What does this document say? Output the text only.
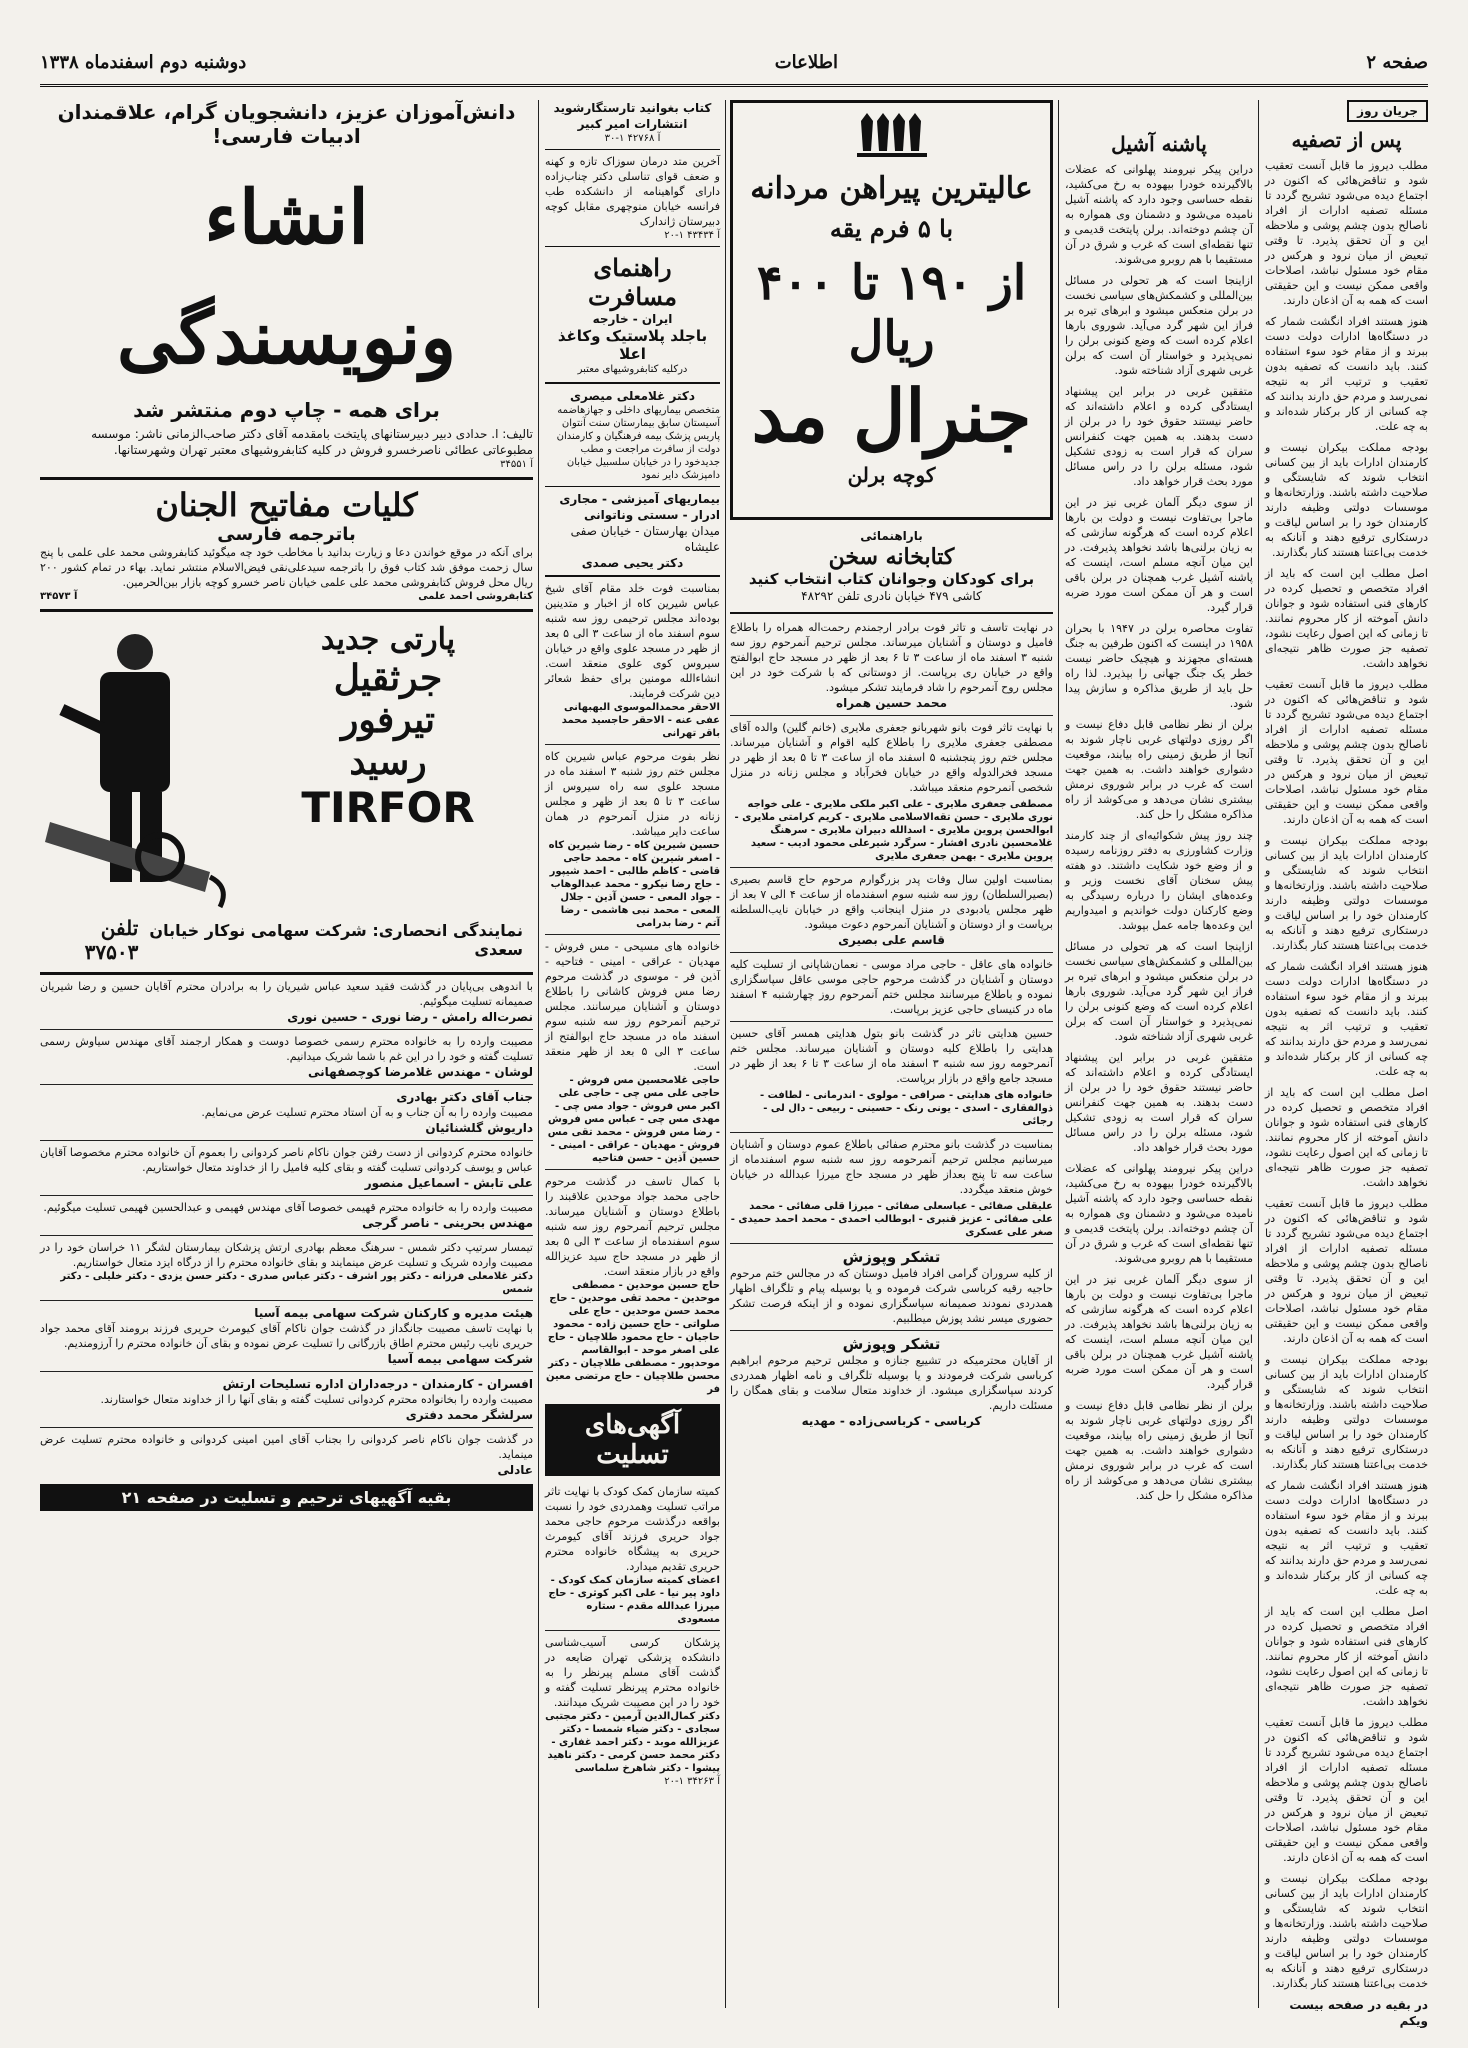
صفحه ۲
اطلاعات
دوشنبه دوم اسفندماه ۱۳۳۸
جریان روز
پس از تصفیه
مطلب دیروز ما قابل آنست تعقیب شود و تناقض‌هائی که اکنون در اجتماع دیده می‌شود تشریح گردد تا مسئله تصفیه ادارات از افراد ناصالح بدون چشم پوشی و ملاحظه این و آن تحقق پذیرد. تا وقتی تبعیض از میان نرود و هرکس در مقام خود مسئول نباشد، اصلاحات واقعی ممکن نیست و این حقیقتی است که همه به آن اذعان دارند.
هنوز هستند افراد انگشت شمار که در دستگاه‌ها ادارات دولت دست ببرند و از مقام خود سوء استفاده کنند. باید دانست که تصفیه بدون تعقیب و ترتیب اثر به نتیجه نمی‌رسد و مردم حق دارند بدانند که چه کسانی از کار برکنار شده‌اند و به چه علت.
بودجه مملکت بیکران نیست و کارمندان ادارات باید از بین کسانی انتخاب شوند که شایستگی و صلاحیت داشته باشند. وزارتخانه‌ها و موسسات دولتی وظیفه دارند کارمندان خود را بر اساس لیاقت و درستکاری ترفیع دهند و آنانکه به خدمت بی‌اعتنا هستند کنار بگذارند.
اصل مطلب این است که باید از افراد متخصص و تحصیل کرده در کارهای فنی استفاده شود و جوانان دانش آموخته از کار محروم نمانند. تا زمانی که این اصول رعایت نشود، تصفیه جز صورت ظاهر نتیجه‌ای نخواهد داشت.
مطلب دیروز ما قابل آنست تعقیب شود و تناقض‌هائی که اکنون در اجتماع دیده می‌شود تشریح گردد تا مسئله تصفیه ادارات از افراد ناصالح بدون چشم پوشی و ملاحظه این و آن تحقق پذیرد. تا وقتی تبعیض از میان نرود و هرکس در مقام خود مسئول نباشد، اصلاحات واقعی ممکن نیست و این حقیقتی است که همه به آن اذعان دارند.
بودجه مملکت بیکران نیست و کارمندان ادارات باید از بین کسانی انتخاب شوند که شایستگی و صلاحیت داشته باشند. وزارتخانه‌ها و موسسات دولتی وظیفه دارند کارمندان خود را بر اساس لیاقت و درستکاری ترفیع دهند و آنانکه به خدمت بی‌اعتنا هستند کنار بگذارند.
هنوز هستند افراد انگشت شمار که در دستگاه‌ها ادارات دولت دست ببرند و از مقام خود سوء استفاده کنند. باید دانست که تصفیه بدون تعقیب و ترتیب اثر به نتیجه نمی‌رسد و مردم حق دارند بدانند که چه کسانی از کار برکنار شده‌اند و به چه علت.
اصل مطلب این است که باید از افراد متخصص و تحصیل کرده در کارهای فنی استفاده شود و جوانان دانش آموخته از کار محروم نمانند. تا زمانی که این اصول رعایت نشود، تصفیه جز صورت ظاهر نتیجه‌ای نخواهد داشت.
مطلب دیروز ما قابل آنست تعقیب شود و تناقض‌هائی که اکنون در اجتماع دیده می‌شود تشریح گردد تا مسئله تصفیه ادارات از افراد ناصالح بدون چشم پوشی و ملاحظه این و آن تحقق پذیرد. تا وقتی تبعیض از میان نرود و هرکس در مقام خود مسئول نباشد، اصلاحات واقعی ممکن نیست و این حقیقتی است که همه به آن اذعان دارند.
بودجه مملکت بیکران نیست و کارمندان ادارات باید از بین کسانی انتخاب شوند که شایستگی و صلاحیت داشته باشند. وزارتخانه‌ها و موسسات دولتی وظیفه دارند کارمندان خود را بر اساس لیاقت و درستکاری ترفیع دهند و آنانکه به خدمت بی‌اعتنا هستند کنار بگذارند.
هنوز هستند افراد انگشت شمار که در دستگاه‌ها ادارات دولت دست ببرند و از مقام خود سوء استفاده کنند. باید دانست که تصفیه بدون تعقیب و ترتیب اثر به نتیجه نمی‌رسد و مردم حق دارند بدانند که چه کسانی از کار برکنار شده‌اند و به چه علت.
اصل مطلب این است که باید از افراد متخصص و تحصیل کرده در کارهای فنی استفاده شود و جوانان دانش آموخته از کار محروم نمانند. تا زمانی که این اصول رعایت نشود، تصفیه جز صورت ظاهر نتیجه‌ای نخواهد داشت.
مطلب دیروز ما قابل آنست تعقیب شود و تناقض‌هائی که اکنون در اجتماع دیده می‌شود تشریح گردد تا مسئله تصفیه ادارات از افراد ناصالح بدون چشم پوشی و ملاحظه این و آن تحقق پذیرد. تا وقتی تبعیض از میان نرود و هرکس در مقام خود مسئول نباشد، اصلاحات واقعی ممکن نیست و این حقیقتی است که همه به آن اذعان دارند.
بودجه مملکت بیکران نیست و کارمندان ادارات باید از بین کسانی انتخاب شوند که شایستگی و صلاحیت داشته باشند. وزارتخانه‌ها و موسسات دولتی وظیفه دارند کارمندان خود را بر اساس لیاقت و درستکاری ترفیع دهند و آنانکه به خدمت بی‌اعتنا هستند کنار بگذارند.
در بقیه در صفحه بیست ویکم
پاشنه آشیل
دراین پیکر نیرومند پهلوانی که عضلات بالاگیرنده خودرا بیهوده به رخ می‌کشید، نقطه حساسی وجود دارد که پاشنه آشیل نامیده می‌شود و دشمنان وی همواره به آن چشم دوخته‌اند. برلن پایتخت قدیمی و تنها نقطه‌ای است که غرب و شرق در آن مستقیما با هم روبرو می‌شوند.
ازاینجا است که هر تحولی در مسائل بین‌المللی و کشمکش‌های سیاسی نخست در برلن منعکس میشود و ابرهای تیره بر فراز این شهر گرد می‌آید. شوروی بارها اعلام کرده است که وضع کنونی برلن را نمی‌پذیرد و خواستار آن است که برلن غربی شهری آزاد شناخته شود.
متفقین غربی در برابر این پیشنهاد ایستادگی کرده و اعلام داشته‌اند که حاضر نیستند حقوق خود را در برلن از دست بدهند. به همین جهت کنفرانس سران که قرار است به زودی تشکیل شود، مسئله برلن را در راس مسائل مورد بحث قرار خواهد داد.
از سوی دیگر آلمان غربی نیز در این ماجرا بی‌تفاوت نیست و دولت بن بارها اعلام کرده است که هرگونه سازشی که به زیان برلنی‌ها باشد نخواهد پذیرفت. در این میان آنچه مسلم است، اینست که پاشنه آشیل غرب همچنان در برلن باقی است و هر آن ممکن است مورد ضربه قرار گیرد.
تفاوت محاصره برلن در ۱۹۴۷ با بحران ۱۹۵۸ در اینست که اکنون طرفین به جنگ هسته‌ای مجهزند و هیچیک حاضر نیست خطر یک جنگ جهانی را بپذیرد. لذا راه حل باید از طریق مذاکره و سازش پیدا شود.
برلن از نظر نظامی قابل دفاع نیست و اگر روزی دولتهای غربی ناچار شوند به آنجا از طریق زمینی راه بیابند، موقعیت دشواری خواهند داشت. به همین جهت است که غرب در برابر شوروی نرمش بیشتری نشان می‌دهد و می‌کوشد از راه مذاکره مشکل را حل کند.
چند روز پیش شکوائیه‌ای از چند کارمند وزارت کشاورزی به دفتر روزنامه رسیده و از وضع خود شکایت داشتند. دو هفته پیش سخنان آقای نخست وزیر و وعده‌های ایشان را درباره رسیدگی به وضع کارکنان دولت خواندیم و امیدواریم این وعده‌ها جامه عمل بپوشد.
ازاینجا است که هر تحولی در مسائل بین‌المللی و کشمکش‌های سیاسی نخست در برلن منعکس میشود و ابرهای تیره بر فراز این شهر گرد می‌آید. شوروی بارها اعلام کرده است که وضع کنونی برلن را نمی‌پذیرد و خواستار آن است که برلن غربی شهری آزاد شناخته شود.
متفقین غربی در برابر این پیشنهاد ایستادگی کرده و اعلام داشته‌اند که حاضر نیستند حقوق خود را در برلن از دست بدهند. به همین جهت کنفرانس سران که قرار است به زودی تشکیل شود، مسئله برلن را در راس مسائل مورد بحث قرار خواهد داد.
دراین پیکر نیرومند پهلوانی که عضلات بالاگیرنده خودرا بیهوده به رخ می‌کشید، نقطه حساسی وجود دارد که پاشنه آشیل نامیده می‌شود و دشمنان وی همواره به آن چشم دوخته‌اند. برلن پایتخت قدیمی و تنها نقطه‌ای است که غرب و شرق در آن مستقیما با هم روبرو می‌شوند.
از سوی دیگر آلمان غربی نیز در این ماجرا بی‌تفاوت نیست و دولت بن بارها اعلام کرده است که هرگونه سازشی که به زیان برلنی‌ها باشد نخواهد پذیرفت. در این میان آنچه مسلم است، اینست که پاشنه آشیل غرب همچنان در برلن باقی است و هر آن ممکن است مورد ضربه قرار گیرد.
برلن از نظر نظامی قابل دفاع نیست و اگر روزی دولتهای غربی ناچار شوند به آنجا از طریق زمینی راه بیابند، موقعیت دشواری خواهند داشت. به همین جهت است که غرب در برابر شوروی نرمش بیشتری نشان می‌دهد و می‌کوشد از راه مذاکره مشکل را حل کند.
عالیترین پیراهن مردانه
با ۵ فرم یقه
از ۱۹۰ تا ۴۰۰ ریال
جنرال مد
کوچه برلن
باراهنمائی
کتابخانه سخن
برای کودکان وجوانان کتاب انتخاب کنید
کاشی ۴۷۹ خیابان نادری تلفن ۴۸۲۹۲
در نهایت تاسف و تاثر فوت برادر ارجمندم رحمت‌اله همراه را باطلاع فامیل و دوستان و آشنایان میرساند. مجلس ترحیم آنمرحوم روز سه شنبه ۳ اسفند ماه از ساعت ۳ تا ۶ بعد از ظهر در مسجد حاج ابوالفتح واقع در خیابان ری برپاست. از دوستانی که با شرکت خود در این مجلس روح آنمرحوم را شاد فرمایند تشکر میشود.
محمد حسین همراه
با نهایت تاثر فوت بانو شهربانو جعفری ملایری (خانم گلین) والده آقای مصطفی جعفری ملایری را باطلاع کلیه اقوام و آشنایان میرساند. مجلس ختم روز پنجشنبه ۵ اسفند ماه از ساعت ۳ تا ۵ بعد از ظهر در مسجد فخرالدوله واقع در خیابان فخرآباد و مجلس زنانه در منزل شخصی آنمرحوم منعقد میباشد.
مصطفی جعفری ملایری - علی اکبر ملکی ملایری - علی خواجه نوری ملایری - حسن تقه‌الاسلامی ملایری - کریم کرامتی ملایری - ابوالحسن پروین ملایری - اسدالله دبیران ملایری - سرهنگ غلامحسین نادری افشار - سرگرد شیرعلی محمود ادیب - سعید پروین ملایری - بهمن جعفری ملایری
بمناسبت اولین سال وفات پدر بزرگوارم مرحوم حاج قاسم بصیری (بصیرالسلطان) روز سه شنبه سوم اسفندماه از ساعت ۴ الی ۷ بعد از ظهر مجلس یادبودی در منزل اینجانب واقع در خیابان نایب‌السلطنه برپاست و از دوستان و آشنایان آنمرحوم دعوت میشود.
قاسم علی بصیری
خانواده های عاقل - حاجی مراد موسی - نعمان‌شاپانی از تسلیت کلیه دوستان و آشنایان در گذشت مرحوم حاجی موسی عاقل سپاسگزاری نموده و باطلاع میرسانند مجلس ختم آنمرحوم روز چهارشنبه ۴ اسفند ماه در کنیسای حاجی عزیز برپاست.
حسین هدایتی تاثر در گذشت بانو بتول هدایتی همسر آقای حسین هدایتی را باطلاع کلیه دوستان و آشنایان میرساند. مجلس ختم آنمرحومه روز سه شنبه ۳ اسفند ماه از ساعت ۳ تا ۶ بعد از ظهر در مسجد جامع واقع در بازار برپاست.
خانواده های هدایتی - صرافی - مولوی - اندرمانی - لطافت - ذوالفقاری - اسدی - یونی رنک - حسینی - ربیعی - دال لی - رجائی
بمناسبت در گذشت بانو محترم صفائی باطلاع عموم دوستان و آشنایان میرسانیم مجلس ترحیم آنمرحومه روز سه شنبه سوم اسفندماه از ساعت سه تا پنج بعداز ظهر در مسجد حاج میرزا عبدالله در خیابان خوش منعقد میگردد.
علیقلی صفائی - عباسعلی صفائی - میرزا قلی صفائی - محمد علی صفائی - عزیز قنبری - ابوطالب احمدی - محمد احمد حمیدی - صغر علی عسکری
تشکر وپوزش
از کلیه سروران گرامی افراد فامیل دوستان که در مجالس ختم مرحوم حاجیه رقیه کرباسی شرکت فرموده و یا بوسیله پیام و تلگراف اظهار همدردی نمودند صمیمانه سپاسگزاری نموده و از اینکه فرصت تشکر حضوری میسر نشد پوزش میطلبیم.
تشکر وپوزش
از آقایان محترمیکه در تشییع جنازه و مجلس ترحیم مرحوم ابراهیم کرباسی شرکت فرمودند و یا بوسیله تلگراف و نامه اظهار همدردی کردند سپاسگزاری میشود. از خداوند متعال سلامت و بقای همگان را مسئلت داریم.
کرباسی - کرباسی‌زاده - مهدیه
کتاب بغوانید تارستگارشوید
انتشارات امیر کبیر
آ ۴۲۷۶۸ ۱-۳۰
آخرین متد درمان سوزاک تازه و کهنه و ضعف قوای تناسلی دکتر چناب‌زاده دارای گواهینامه از دانشکده طب فرانسه خیابان منوچهری مقابل کوچه دبیرستان ژاندارک
آ ۴۳۴۳۴ ۱-۲۰
راهنمای مسافرت
ایران - خارجه
باجلد پلاستیک وکاغذ اعلا
درکلیه کتابفروشیهای معتبر
دکتر غلامعلی میصری
متخصص بیماریهای داخلی و جهازهاضمه آسیستان سابق بیمارستان سنت آنتوان پاریس پزشک بیمه فرهنگیان و کارمندان دولت از سافرت مراجعت و مطب جدیدخود را در خیابان سلسبیل خیابان دامپزشک دایر نمود
بیماریهای آمیزشی - مجاری ادرار - سستی وناتوانی
میدان بهارستان - خیابان صفی علیشاه
دکتر یحیی صمدی
بمناسبت فوت خلد مقام آقای شیخ عباس شیرین کاه از اخبار و متدینین بوده‌اند مجلس ترحیمی روز سه شنبه سوم اسفند ماه از ساعت ۳ الی ۵ بعد از ظهر در مسجد علوی واقع در خیابان سیروس کوی علوی منعقد است. انشاءالله مومنین برای حفظ شعائر دین شرکت فرمایند.
الاحقر محمدالموسوی البهبهانی عفی عنه - الاحقر حاجسید محمد باقر تهرانی
نظر بفوت مرحوم عباس شیرین کاه مجلس ختم روز شنبه ۳ اسفند ماه در مسجد علوی سه راه سیروس از ساعت ۳ تا ۵ بعد از ظهر و مجلس زنانه در منزل آنمرحوم در همان ساعت دایر میباشد.
حسین شیرین کاه - رضا شیرین کاه - اصغر شیرین کاه - محمد حاجی قاضی - کاظم طالبی - احمد شیپور - حاج رضا نیکرو - محمد عبدالوهاب - جواد المعی - حسن آذین - جلال المعی - محمد نبی هاشمی - رضا آتم - رضا بدرامی
خانواده های مسیحی - مس فروش - مهدیان - عراقی - امینی - فتاحیه - آذین فر - موسوی در گذشت مرحوم رضا مس فروش کاشانی را باطلاع دوستان و آشنایان میرسانند. مجلس ترحیم آنمرحوم روز سه شنبه سوم اسفند ماه در مسجد حاج ابوالفتح از ساعت ۳ الی ۵ بعد از ظهر منعقد است.
حاجی غلامحسین مس فروش - حاجی علی مس چی - حاجی علی اکبر مس فروش - جواد مس چی - مهدی مس چی - عباس مس فروش - رضا مس فروش - محمد تقی مس فروش - مهدیان - عراقی - امینی - حسین آذین - حسن فتاحیه
با کمال تاسف در گذشت مرحوم حاجی محمد جواد موحدین علاقبند را باطلاع دوستان و آشنایان میرساند. مجلس ترحیم آنمرحوم روز سه شنبه سوم اسفندماه از ساعت ۳ الی ۵ بعد از ظهر در مسجد حاج سید عزیزالله واقع در بازار منعقد است.
حاج حسین موحدین - مصطفی موحدین - محمد تقی موحدین - حاج محمد حسن موحدین - حاج علی صلواتی - حاج حسین زاده - محمود حاجیان - حاج محمود طلاچیان - حاج علی اصغر موحد - ابوالقاسم موحدپور - مصطفی طلاچیان - دکتر محسن طلاچیان - حاج مرتضی معین فر
آگهی‌های تسلیت
کمیته سازمان کمک کودک با نهایت تاثر مراتب تسلیت وهمدردی خود را نسبت بواقعه درگذشت مرحوم حاجی محمد جواد حریری فرزند آقای کیومرث حریری به پیشگاه خانواده محترم حریری تقدیم میدارد.
اعضای کمیته سازمان کمک کودک - داود پیر نیا - علی اکبر کوثری - حاج میرزا عبدالله مقدم - ستاره مسعودی
پزشکان کرسی آسیب‌شناسی دانشکده پزشکی تهران ضایعه در گذشت آقای مسلم پیرنظر را به خانواده محترم پیرنظر تسلیت گفته و خود را در این مصیبت شریک میدانند.
دکتر کمال‌الدین آرمین - دکتر مجتبی سجادی - دکتر ضیاء شمسا - دکتر عزیزالله موبد - دکتر احمد غفاری - دکتر محمد حسن کرمی - دکتر ناهید پیشوا - دکتر شاهرخ سلماسی
آ ۳۴۲۶۳ ۱-۲۰
دانش‌آموزان عزیز، دانشجویان گرام، علاقمندان ادبیات فارسی!
انشاء ونویسندگی
برای همه - چاپ دوم منتشر شد
تالیف: ا. حدادی دبیر دبیرستانهای پایتخت بامقدمه آقای دکتر صاحب‌الزمانی ناشر: موسسه مطبوعاتی عطائی ناصرخسرو فروش در کلیه کتابفروشیهای معتبر تهران وشهرستانها.
آ ۳۴۵۵۱
کلیات مفاتیح الجنان
باترجمه فارسی
برای آنکه در موقع خواندن دعا و زیارت بدانید با مخاطب خود چه میگوئید کتابفروشی محمد علی علمی با پنج سال زحمت موفق شد کتاب فوق را باترجمه سید‌علی‌نقی فیض‌الاسلام منتشر نماید. بهاء در تمام کشور ۲۰۰ ریال محل فروش کتابفروشی محمد علی علمی خیابان ناصر خسرو کوچه بازار بین‌الحرمین.
کتابفروشی احمد علمی
آ ۳۴۵۷۳
پارتی جدید
جرثقیل
تیرفور
رسید
TIRFOR
نمایندگی انحصاری: شرکت سهامی نوکار خیابان سعدی
تلفن ۳۷۵۰۳
با اندوهی بی‌پایان در گذشت فقید سعید عباس شیریان را به برادران محترم آقایان حسین و رضا شیریان صمیمانه تسلیت میگوئیم.
نصرت‌اله رامش - رضا نوری - حسین نوری
مصیبت وارده را به خانواده محترم رسمی خصوصا دوست و همکار ارجمند آقای مهندس سیاوش رسمی تسلیت گفته و خود را در این غم با شما شریک میدانیم.
لوشان - مهندس غلامرضا کوچصفهانی
جناب آقای دکتر بهادری
مصیبت وارده را به آن جناب و به آن استاد محترم تسلیت عرض می‌نمایم.
داریوش گلشنائیان
خانواده محترم کردوانی از دست رفتن جوان ناکام ناصر کردوانی را بعموم آن خانواده محترم مخصوصا آقایان عباس و یوسف کردوانی تسلیت گفته و بقای کلیه فامیل را از خداوند متعال خواستاریم.
علی تابش - اسماعیل منصور
مصیبت وارده را به خانواده محترم قهیمی خصوصا آقای مهندس فهیمی و عبدالحسین فهیمی تسلیت میگوئیم.
مهندس بحرینی - ناصر گرجی
تیمسار سرتیپ دکتر شمس - سرهنگ معظم بهادری ارتش پزشکان بیمارستان لشگر ۱۱ خراسان خود را در مصیبت وارده شریک و تسلیت عرض مینمایند و بقای خانواده محترم را از درگاه ایزد متعال خواستاریم.
دکتر غلامعلی فرزانه - دکتر پور اشرف - دکتر عباس صدری - دکتر حسن یزدی - دکتر خلیلی - دکتر شمس
هیئت مدیره و کارکنان شرکت سهامی بیمه آسیا
با نهایت تاسف مصیبت جانگداز در گذشت جوان ناکام آقای کیومرث حریری فرزند برومند آقای محمد جواد حریری نایب رئیس محترم اطاق بازرگانی را تسلیت عرض نموده و بقای آن خانواده محترم را آرزومندیم.
شرکت سهامی بیمه آسیا
افسران - کارمندان - درجه‌داران اداره تسلیحات ارتش
مصیبت وارده را بخانواده محترم کردوانی تسلیت گفته و بقای آنها را از خداوند متعال خواستارند.
سرلشگر محمد دفتری
در گذشت جوان ناکام ناصر کردوانی را بجناب آقای امین امینی کردوانی و خانواده محترم تسلیت عرض مینماید.
عادلی
بقیه آگهیهای ترحیم و تسلیت در صفحه ۲۱
